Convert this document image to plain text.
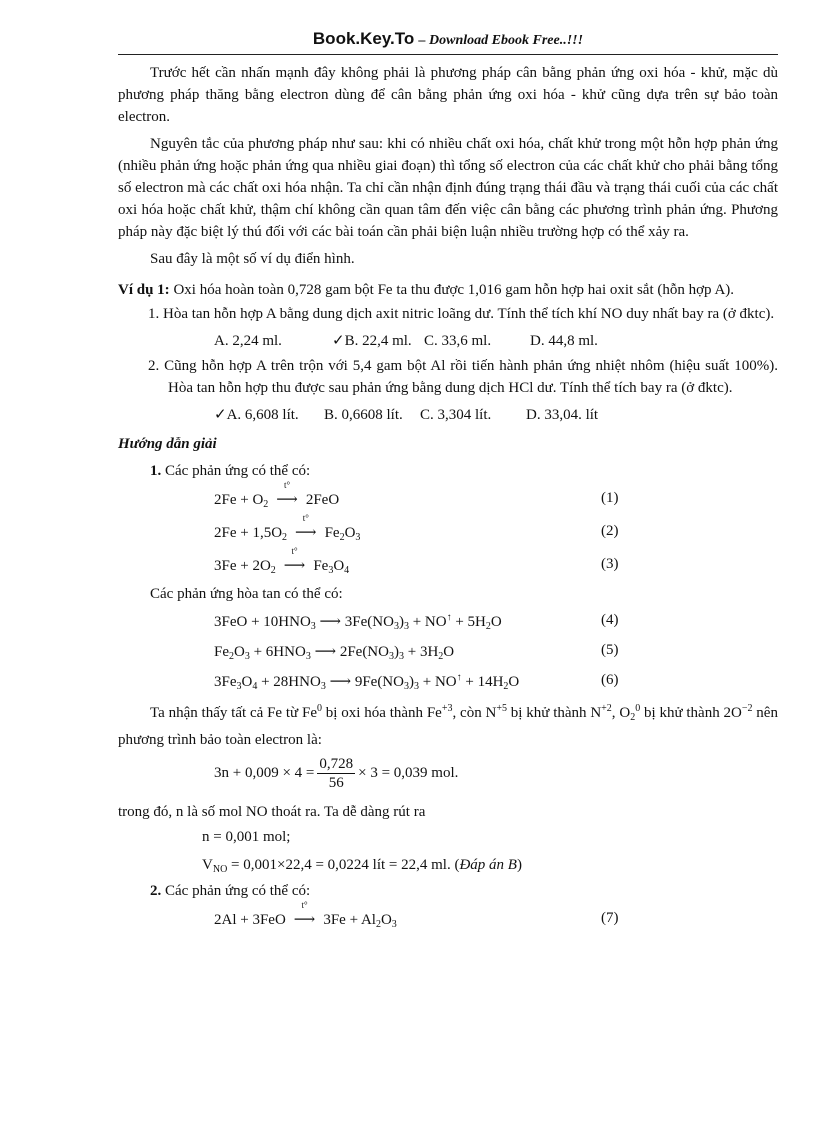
Book.Key.To – Download Ebook Free..!!!

Trước hết cần nhấn mạnh đây không phải là phương pháp cân bằng phản ứng oxi hóa - khử, mặc dù phương pháp thăng bằng electron dùng để cân bằng phản ứng oxi hóa - khử cũng dựa trên sự bảo toàn electron.

Nguyên tắc của phương pháp như sau: khi có nhiều chất oxi hóa, chất khử trong một hỗn hợp phản ứng (nhiều phản ứng hoặc phản ứng qua nhiều giai đoạn) thì tổng số electron của các chất khử cho phải bằng tổng số electron mà các chất oxi hóa nhận. Ta chỉ cần nhận định đúng trạng thái đầu và trạng thái cuối của các chất oxi hóa hoặc chất khử, thậm chí không cần quan tâm đến việc cân bằng các phương trình phản ứng. Phương pháp này đặc biệt lý thú đối với các bài toán cần phải biện luận nhiều trường hợp có thể xảy ra.

Sau đây là một số ví dụ điển hình.

Ví dụ 1: Oxi hóa hoàn toàn 0,728 gam bột Fe ta thu được 1,016 gam hỗn hợp hai oxit sắt (hỗn hợp A).

1. Hòa tan hỗn hợp A bằng dung dịch axit nitric loãng dư. Tính thể tích khí NO duy nhất bay ra (ở đktc).

A. 2,24 ml.	✓B. 22,4 ml. C. 33,6 ml.	D. 44,8 ml.

2. Cũng hỗn hợp A trên trộn với 5,4 gam bột Al rồi tiến hành phản ứng nhiệt nhôm (hiệu suất 100%). Hòa tan hỗn hợp thu được sau phản ứng bằng dung dịch HCl dư. Tính thể tích bay ra (ở đktc).

✓A. 6,608 lít. B. 0,6608 lít. C. 3,304 lít. D. 33,04. lít

Hướng dẫn giải

1. Các phản ứng có thể có:

$2Fe + O_2$
t°
⟶ 2FeO	(1)
$2Fe + 1,5O_2$
t°
⟶ $Fe_2O_3$	(2)
$3Fe + 2O_2$
t°
⟶ $Fe_3O_4$	(3)

Các phản ứng hòa tan có thể có:

$3FeO + 10HNO_3$ ⟶ $3Fe(NO_3)_3 + NO^↑ + 5H_2O$	(4)
$Fe_2O_3 + 6HNO_3$ ⟶ $2Fe(NO_3)_3 + 3H_2O$	(5)
$3Fe_3O_4 + 28HNO_3$ ⟶ $9Fe(NO_3)_3 + NO^↑ + 14H_2O$	(6)

Ta nhận thấy tất cả Fe từ Fe$^0$ bị oxi hóa thành $Fe^{+3}$, còn $N^{+5}$ bị khử thành $N^{+2}$, $O_2^0$ bị khử thành $2O^{-2}$ nên phương trình bảo toàn electron là:

$3n + 0,009 \times 4 = \frac{0,728}{56} \times 3 = 0,039$ mol.

trong đó, n là số mol NO thoát ra. Ta dễ dàng rút ra

n = 0,001 mol;
$V_{NO} = 0,001\times 22,4 = 0,0224$ lít = 22,4 ml. (Đáp án B)

2. Các phản ứng có thể có:

2Al + 3FeO
t°
⟶ $3Fe + Al_2O_3$	(7)
